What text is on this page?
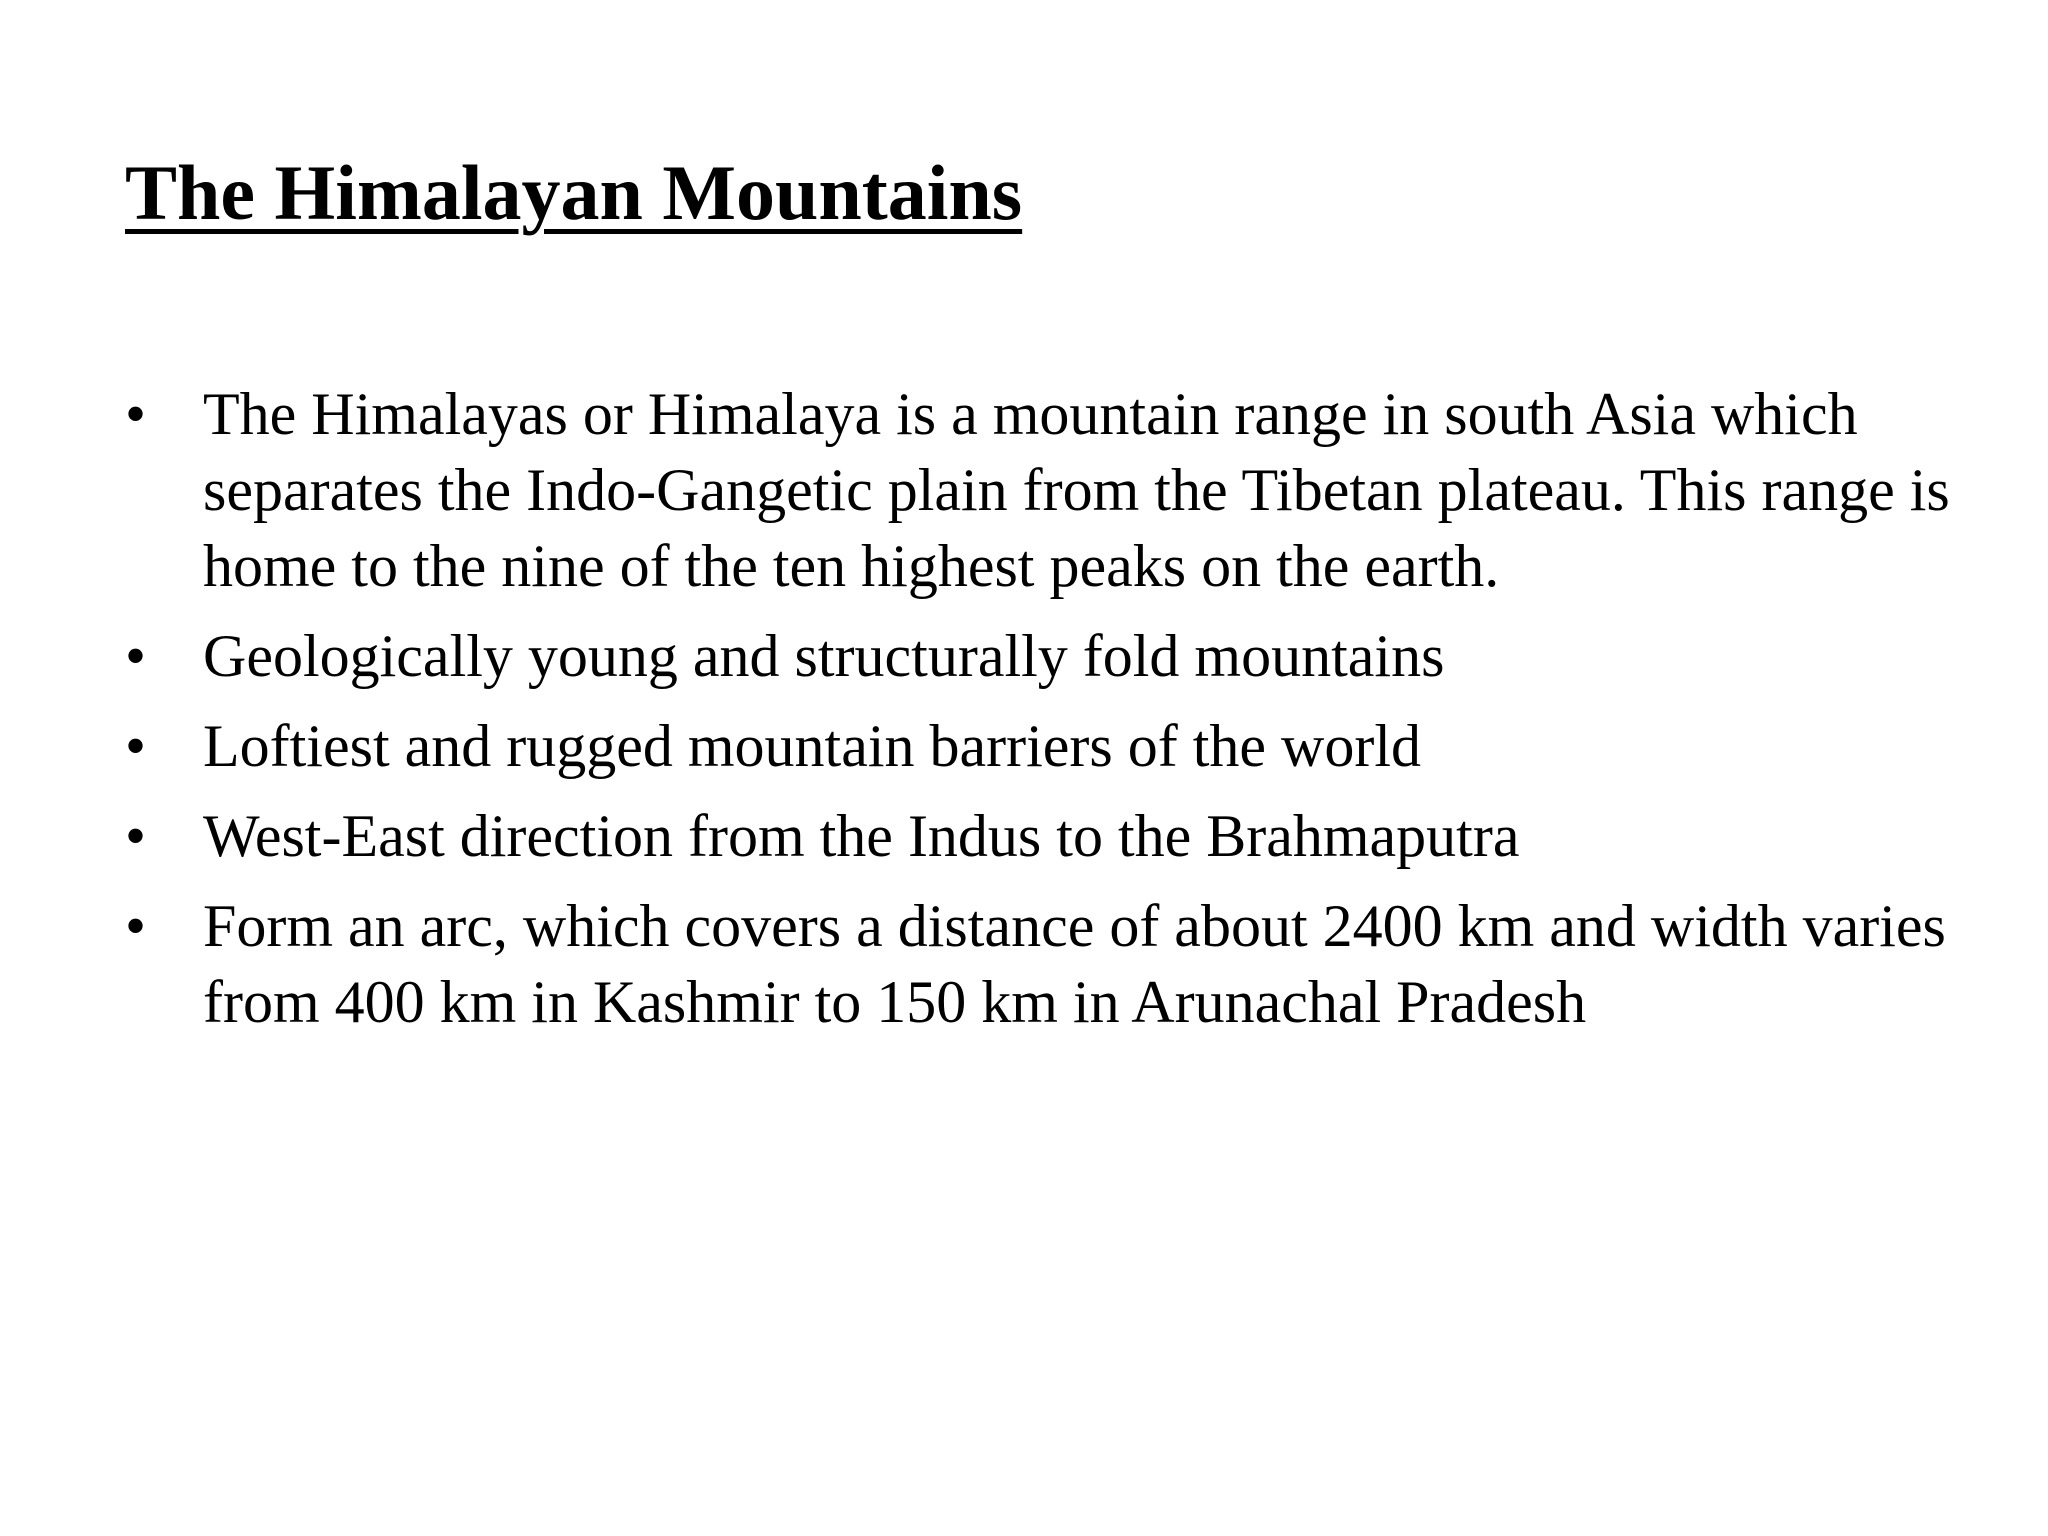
The Himalayan Mountains
• The Himalayas or Himalaya is a mountain range in south Asia which separates the Indo-Gangetic plain from the Tibetan plateau. This range is home to the nine of the ten highest peaks on the earth.
• Geologically young and structurally fold mountains
• Loftiest and rugged mountain barriers of the world
• West-East direction from the Indus to the Brahmaputra
• Form an arc, which covers a distance of about 2400 km and width varies from 400 km in Kashmir to 150 km in Arunachal Pradesh
